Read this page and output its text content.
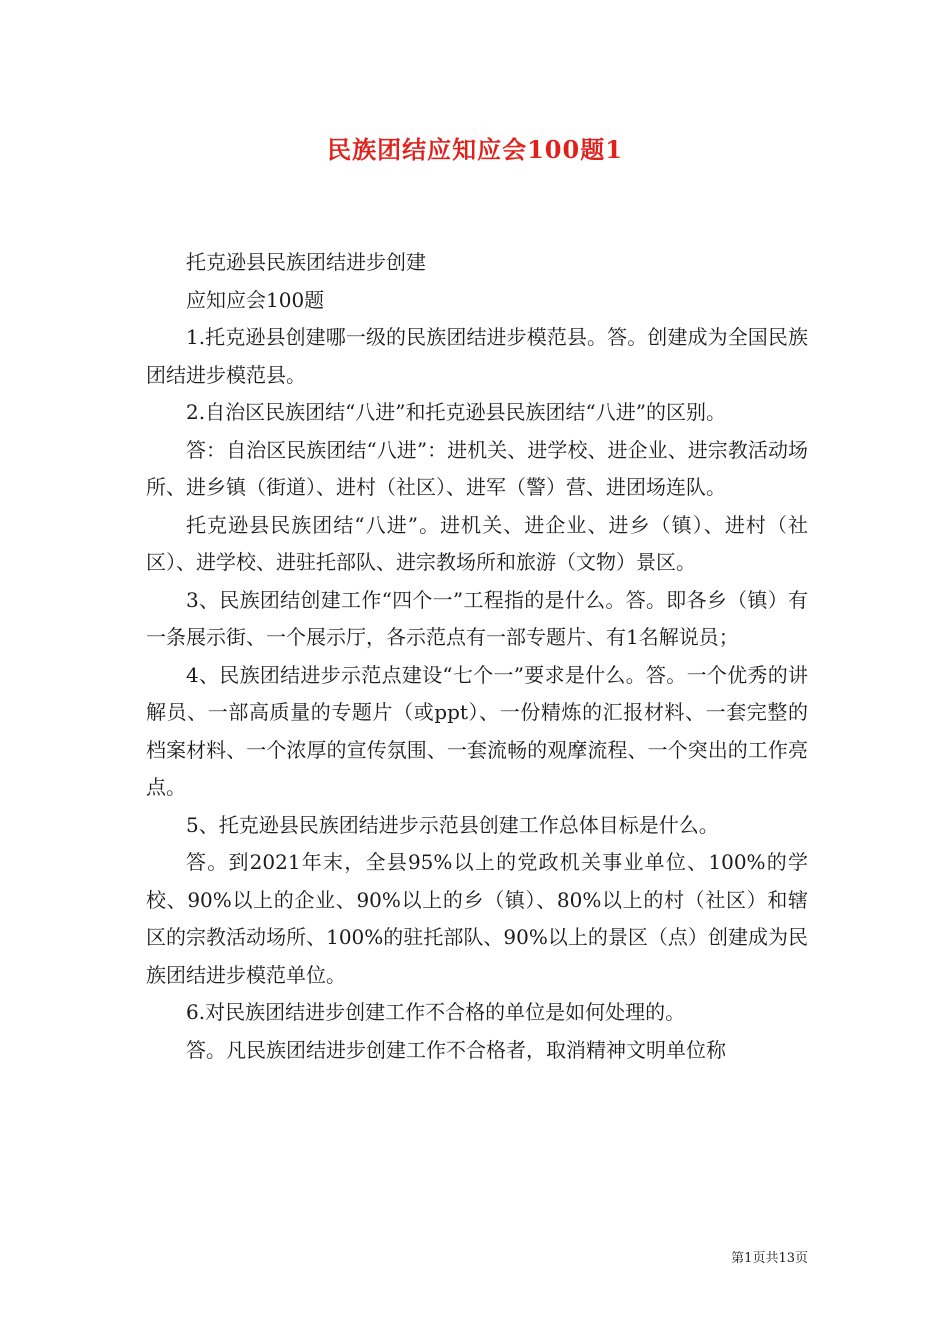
民族团结应知应会100题1

托克逊县民族团结进步创建

应知应会100题

1.托克逊县创建哪一级的民族团结进步模范县。答。创建成为全国民族团结进步模范县。

2.自治区民族团结“八进”和托克逊县民族团结“八进”的区别。

答：自治区民族团结“八进”：进机关、进学校、进企业、进宗教活动场所、进乡镇（街道）、进村（社区）、进军（警）营、进团场连队。

托克逊县民族团结“八进”。进机关、进企业、进乡（镇）、进村（社区）、进学校、进驻托部队、进宗教场所和旅游（文物）景区。

3、民族团结创建工作“四个一”工程指的是什么。答。即各乡（镇）有一条展示街、一个展示厅，各示范点有一部专题片、有1名解说员；

4、民族团结进步示范点建设“七个一”要求是什么。答。一个优秀的讲解员、一部高质量的专题片（或ppt）、一份精炼的汇报材料、一套完整的档案材料、一个浓厚的宣传氛围、一套流畅的观摩流程、一个突出的工作亮点。

5、托克逊县民族团结进步示范县创建工作总体目标是什么。

答。到2021年末，全县95%以上的党政机关事业单位、100%的学校、90%以上的企业、90%以上的乡（镇）、80%以上的村（社区）和辖区的宗教活动场所、100%的驻托部队、90%以上的景区（点）创建成为民族团结进步模范单位。

6.对民族团结进步创建工作不合格的单位是如何处理的。

答。凡民族团结进步创建工作不合格者，取消精神文明单位称

第1页共13页
